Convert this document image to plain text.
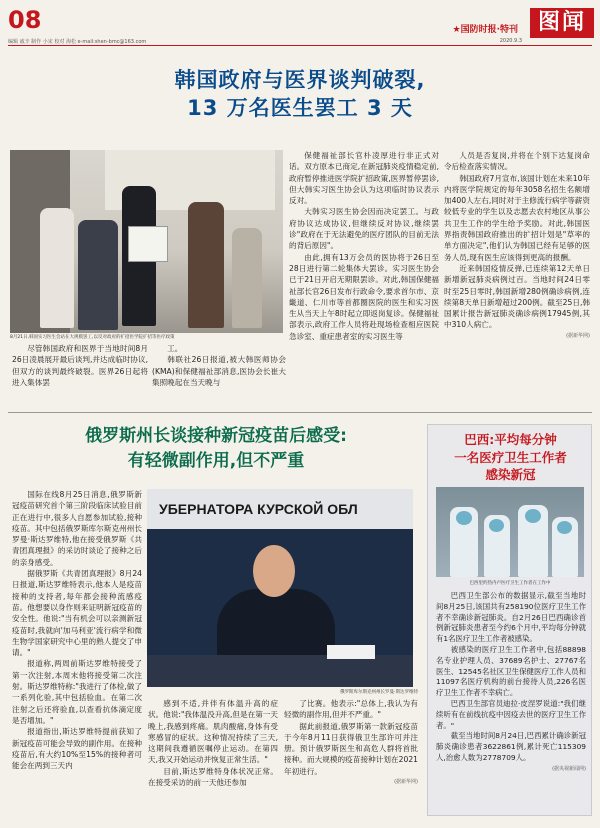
08
编辑 戚辛 制作 小宋 校对 海松 e-mail:shen-bmc@163.com
★国防时报·特刊 图闻
2020.9.3
韩国政府与医界谈判破裂,
13 万名医生罢工 3 天
8月21日,韩国实习医生会站在大规模罢工,以反对政府的扩招医学院扩招等医疗政策

尽管韩国政府和医界于当地时间8月26日凌晨展开最后谈判,并达成临时协议,但双方的谈判最终破裂。医界26日起将进入集体罢

工。

韩联社26日报道,被大韩医师协会(KMA)和保健福祉部消息,医协会长崔大集照晚起在当天晚与

保健福祉部长官朴凌厚进行非正式对话。双方原本已商定,在新冠肺炎疫情稳定前,政府暂停推进医学院扩招政策,医界暂停罢诊,但大韩实习医生协会认为这项临时协议表示反对。

大韩实习医生协会因而决定罢工。与政府协议达成协议,但继续反对协议,继续罢诊"政府在于无法避免的医疗团队的目前无法的背后原因"。

由此,拥有13万会员的医协将于26日至28日进行第二轮集体大罢诊。实习医生协会已于21日开启无期限罢诊。对此,韩国保健福祉部长官26日发布行政命令,要求首尔市、京畿道、仁川市等首都圈医院的医生和实习医生从当天上午8时起立即返岗复诊。保健福祉部表示,政府工作人员将赴现场检查相应医院急诊室、重症患者室的实习医生等

人员是否复岗,并将在个别下达复岗命令后检查落实情况。

韩国政府7月宣布,该国计划在未来10年内将医学院规定的每年3058名招生名额增加400人左右,同时对于主修流行病学等薪资较低专业的学生以及志愿去农村地区从事公共卫生工作的学生给予奖励。对此,韩国医界指责韩国政府推出的扩招计划是"草率的单方面决定",他们认为韩国已经有足够的医务人员,现有医生应该得到更高的报酬。

近来韩国疫情反弹,已连续第12天单日新增新冠肺炎病例过百。当地时间24日零时至25日零时,韩国新增280例确诊病例,连续第8天单日新增超过200例。截至25日,韩国累计报告新冠肺炎确诊病例17945例,其中310人病亡。

(据新华网)
俄罗斯州长谈接种新冠疫苗后感受:
有轻微副作用,但不严重

国际在线8月25日消息,俄罗斯新冠疫苗研究首个第三阶段临床试验目前正在进行中,很多人自愿参加试验,接种疫苗。其中包括俄罗斯库尔斯克州州长罗曼·斯达罗维特,他在接受俄罗斯《共青团真理报》的采访时谈论了接种之后的亲身感受。

据俄罗斯《共青团真理报》8月24日报道,斯达罗维特表示,他本人是疫苗接种的支持者,每年都会接种流感疫苗。他想要以身作则来证明新冠疫苗的安全性。他说:"当有机会可以亲测新冠疫苗时,我就向'加马利亚'流行病学和微生物学国家研究中心里的熟人提交了申请。"

报道称,两周前斯达罗维特接受了第一次注射,本周末他将接受第二次注射。斯达罗维特称:"我进行了体检,做了一系列化验,其中包括验血。在第二次注射之后还将验血,以查看抗体滴定度是否增加。"

报道指出,斯达罗维特提前获知了新冠疫苗可能会导致的副作用。在接种疫苗后,有大约10%至15%的接种者可能会在两到三天内

УБЕРНАТОРА КУРСКОЙ ОБЛ
俄罗斯库尔斯克州州长罗曼·斯达罗维特

感到不适,并伴有体温升高的症状。他说:"我体温没升高,但是在第一天晚上,我感到疼痛。肌肉酸痛,身体有受寒感冒的症状。这种情况持续了三天,这期间我遵循医嘱停止运动。在第四天,我又开始运动并恢复正常生活。"

目前,斯达罗维特身体状况正常。在接受采访的前一天他还参加

了比赛。他表示:"总体上,我认为有轻微的副作用,但并不严重。"

据此前报道,俄罗斯第一款新冠疫苗于今年8月11日获得俄卫生部许可并注册。预计俄罗斯医生和高危人群将首批接种。而大规模的疫苗接种计划在2021年初进行。

(据新华网)
巴西:平均每分钟
一名医疗卫生工作者
感染新冠
巴西里约热内卢医疗卫生工作者在工作中

巴西卫生部公布的数据显示,截至当地时间8月25日,该国共有258190位医疗卫生工作者不幸确诊新冠肺炎。自2月26日巴西确诊首例新冠肺炎患者至今约6个月中,平均每分钟就有1名医疗卫生工作者被感染。

被感染的医疗卫生工作者中,包括88898名专业护理人员、37689名护士、27767名医生、12545名社区卫生保健医疗工作人员和11097名医疗机构的前台接待人员,226名医疗卫生工作者不幸病亡。

巴西卫生部官员迪拉·皮涅罗说道:"我们继续听有在前线抗疫中因疫去世的医疗卫生工作者。"

截至当地时间8月24日,巴西累计确诊新冠肺炎确诊患者3622861例,累计死亡115309人,治愈人数为2778709人。

(据央视新闻网)
